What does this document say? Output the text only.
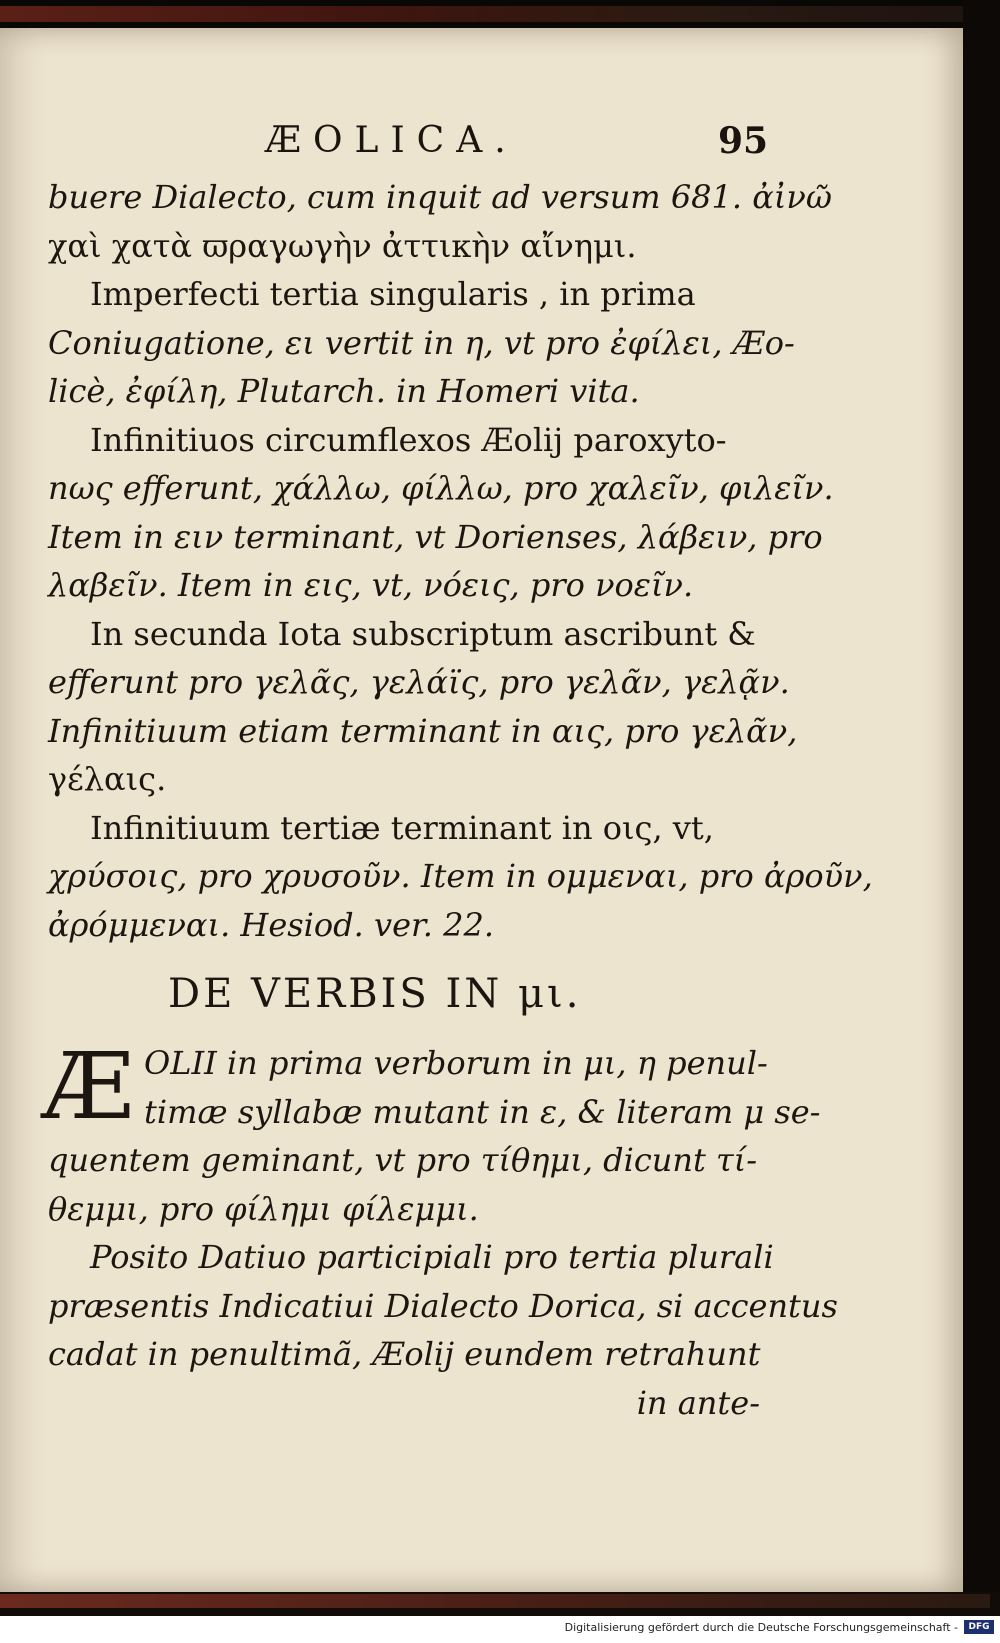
ÆOLICA.	95
buere Dialecto, cum inquit ad versum 681. ἀἰνῶ
χαὶ χατὰ ϖραγωγὴν ἀττικὴν αἴνημι.
Imperfecti tertia singularis , in prima
Coniugatione, ει vertit in η, vt pro ἐφίλει, Æo-
licè, ἐφίλη, Plutarch. in Homeri vita.
Infinitiuos circumflexos Æolij paroxyto-
nως efferunt, χάλλω, φίλλω, pro χαλεῖν, φιλεῖν.
Item in ειν terminant, vt Dorienses, λάβειν, pro
λαβεῖν. Item in εις, vt, νόεις, pro νοεῖν.
In secunda Iota subscriptum ascribunt &
efferunt pro γελᾶς, γελάϊς, pro γελᾶν, γελᾷν.
Infinitiuum etiam terminant in αις, pro γελᾶν,
γέλαις.
Infinitiuum tertiæ terminant in οις, vt,
χρύσοις, pro χρυσοῦν. Item in ομμεναι, pro ἀροῦν,
ἀρόμμεναι. Hesiod. ver. 22.
DE VERBIS IN μι.
Æ OLII in prima verborum in μι, η penul-
timæ syllabæ mutant in ε, & literam μ se-
quentem geminant, vt pro τίθημι, dicunt τί-
θεμμι, pro φίλημι φίλεμμι.
Posito Datiuo participiali pro tertia plurali
præsentis Indicatiui Dialecto Dorica, si accentus
cadat in penultimã, Æolij eundem retrahunt
in ante-
Digitalisierung gefördert durch die Deutsche Forschungsgemeinschaft -	DFG
